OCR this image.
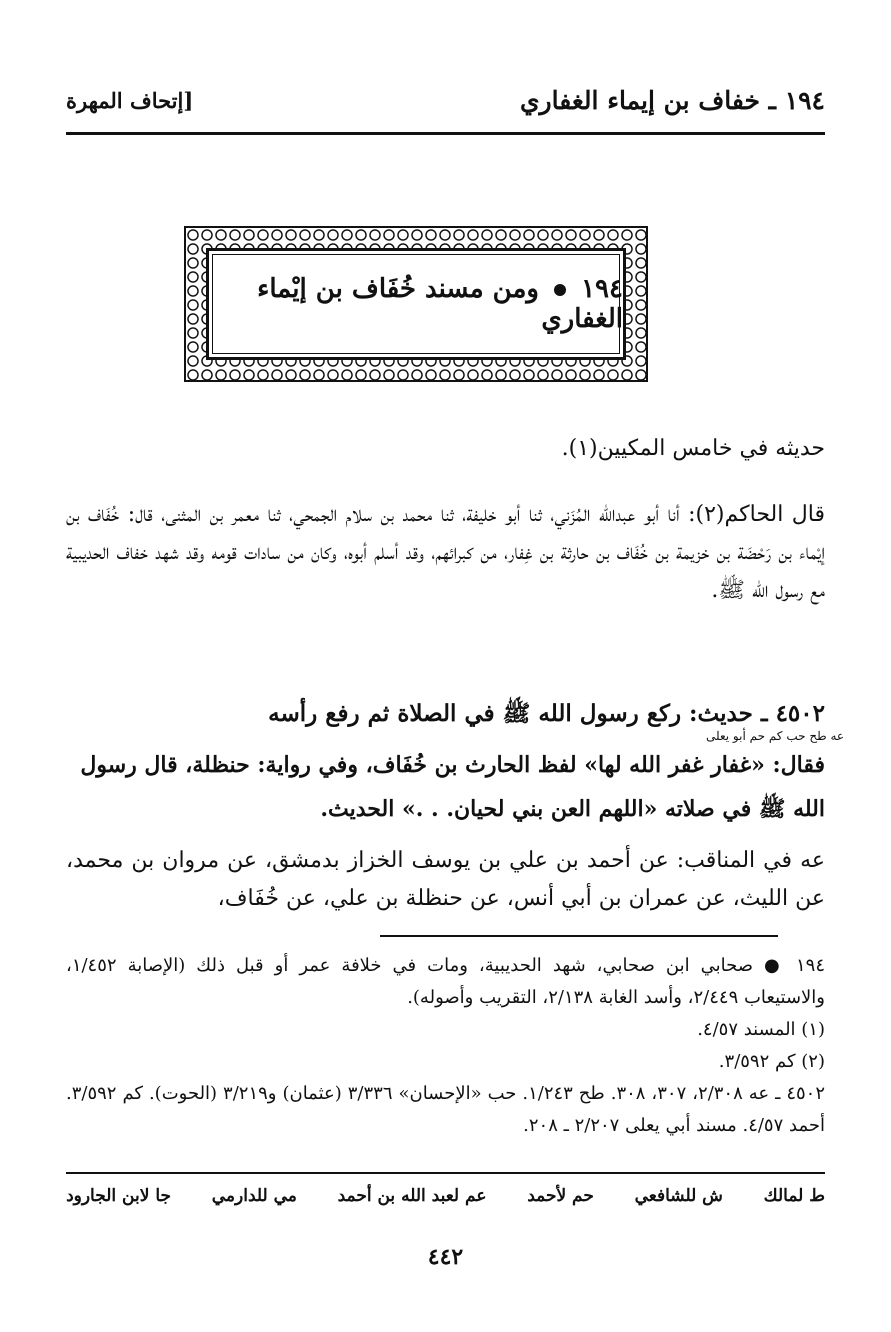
١٩٤ ـ خفاف بن إيماء الغفاري
[إتحاف المهرة
١٩٤  ومن مسند خُفَاف بن إيْماء الغفاري
حديثه في خامس المكيين(١).
قال الحاكم(٢): أنا أبو عبدالله المُزَني، ثنا أبو خليفة، ثنا محمد بن سلام الجمحي، ثنا معمر بن المثنى، قال: خُفَاف بن إيْماء بن رَحْضَة بن خزيمة بن خُفَاف بن حارثة بن غِفار، من كبرائهم، وقد أسلم أبوه، وكان من سادات قومه وقد شهد خفاف الحديبية مع رسول الله ﷺ.
٤٥٠٢ ـ حديث: ركع رسول الله ﷺ في الصلاة ثم رفع رأسه
عه طح حب كم حم أبو يعلى
فقال: «غفار غفر الله لها» لفظ الحارث بن خُفَاف، وفي رواية: حنظلة، قال رسول الله ﷺ في صلاته «اللهم العن بني لحيان. . .» الحديث.
عه في المناقب: عن أحمد بن علي بن يوسف الخزاز بدمشق، عن مروان بن محمد، عن الليث، عن عمران بن أبي أنس، عن حنظلة بن علي، عن خُفَاف،
١٩٤ ● صحابي ابن صحابي، شهد الحديبية، ومات في خلافة عمر أو قبل ذلك (الإصابة ١/٤٥٢، والاستيعاب ٢/٤٤٩، وأسد الغابة ٢/١٣٨، التقريب وأصوله).
(١) المسند ٤/٥٧.
(٢) كم ٣/٥٩٢.
٤٥٠٢ ـ عه ٢/٣٠٨، ٣٠٧، ٣٠٨. طح ١/٢٤٣. حب «الإحسان» ٣/٣٣٦ (عثمان) و٣/٢١٩ (الحوت). كم ٣/٥٩٢. أحمد ٤/٥٧. مسند أبي يعلى ٢/٢٠٧ ـ ٢٠٨.
ط لمالك
ش للشافعي
حم لأحمد
عم لعبد الله بن أحمد
مي للدارمي
جا لابن الجارود
٤٤٢
